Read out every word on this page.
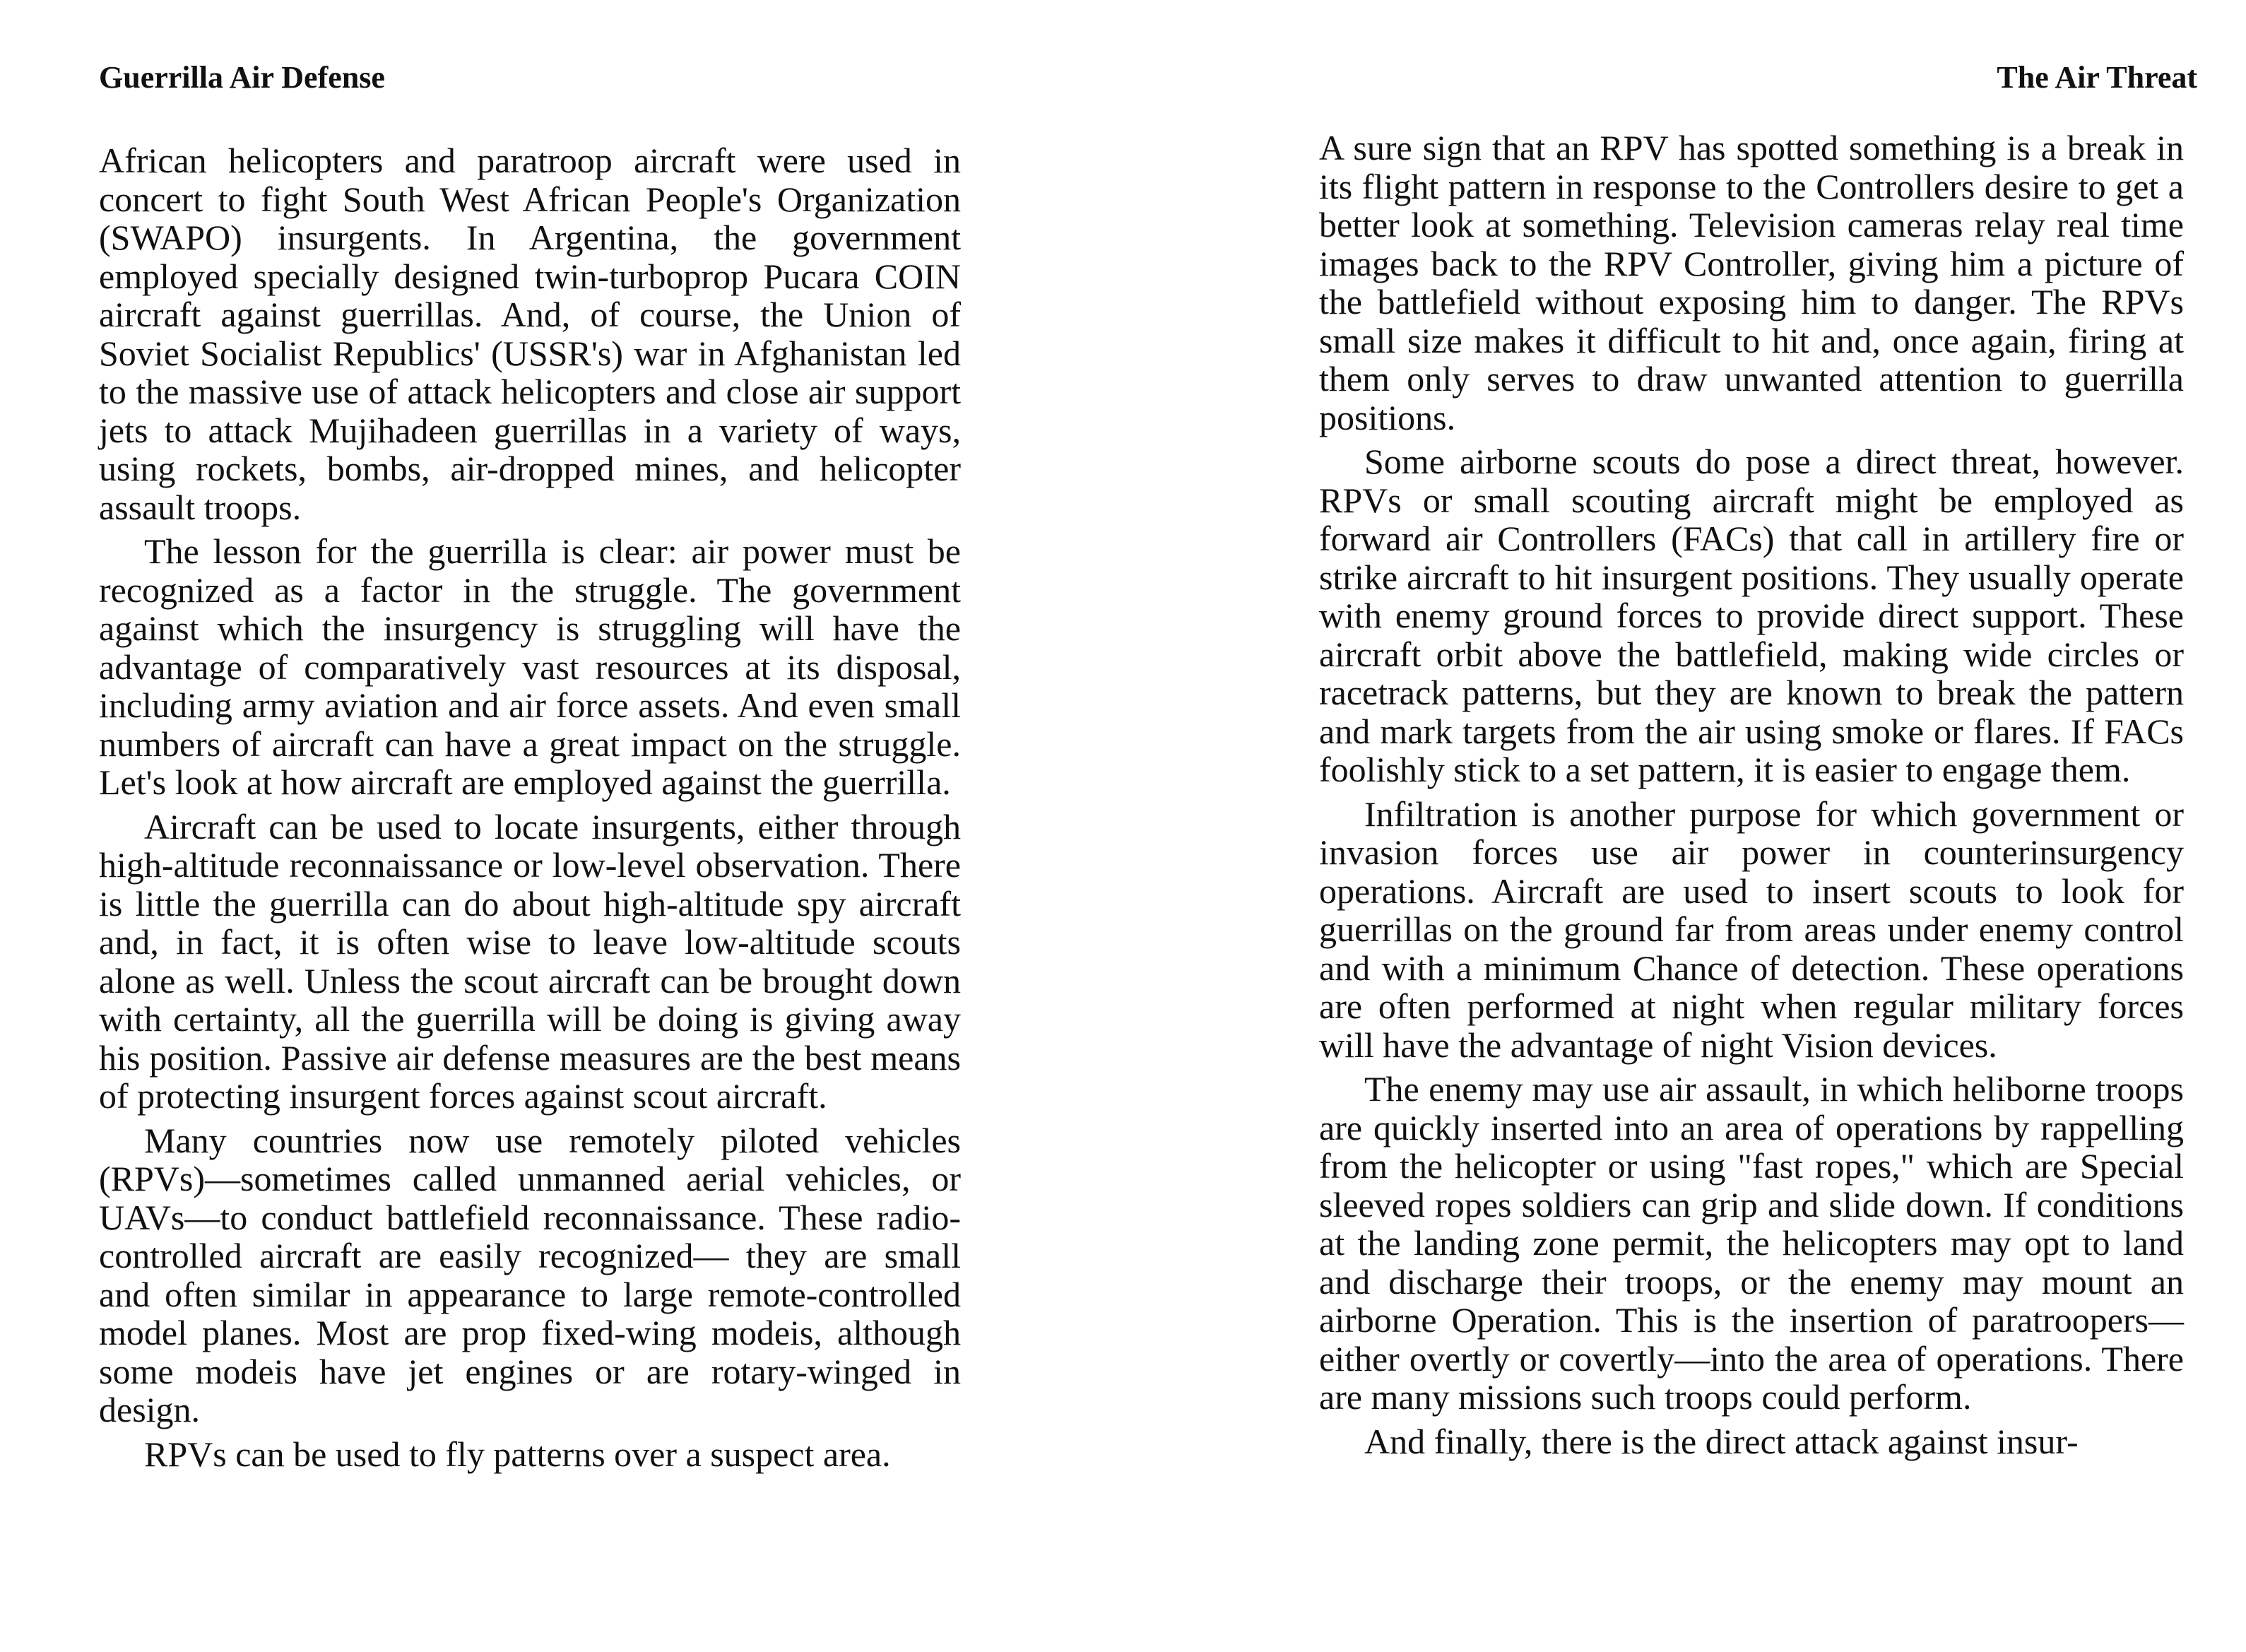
Guerrilla Air Defense

African helicopters and paratroop aircraft were used in concert to fight South West African People's Organization (SWAPO) insurgents. In Argentina, the government employed specially designed twin-turboprop Pucara COIN aircraft against guerrillas. And, of course, the Union of Soviet Socialist Republics' (USSR's) war in Afghanistan led to the massive use of attack helicopters and close air support jets to attack Mujihadeen guerrillas in a variety of ways, using rockets, bombs, air-dropped mines, and helicopter assault troops.

The lesson for the guerrilla is clear: air power must be recognized as a factor in the struggle. The government against which the insurgency is struggling will have the advantage of comparatively vast resources at its disposal, including army aviation and air force assets. And even small numbers of aircraft can have a great impact on the struggle. Let's look at how aircraft are employed against the guerrilla.

Aircraft can be used to locate insurgents, either through high-altitude reconnaissance or low-level observation. There is little the guerrilla can do about high-altitude spy aircraft and, in fact, it is often wise to leave low-altitude scouts alone as well. Unless the scout aircraft can be brought down with certainty, all the guerrilla will be doing is giving away his position. Passive air defense measures are the best means of protecting insurgent forces against scout aircraft.

Many countries now use remotely piloted vehicles (RPVs)—sometimes called unmanned aerial vehicles, or UAVs—to conduct battlefield reconnaissance. These radio-controlled aircraft are easily recognized— they are small and often similar in appearance to large remote-controlled model planes. Most are prop fixed-wing modeis, although some modeis have jet engines or are rotary-winged in design.

RPVs can be used to fly patterns over a suspect area.

The Air Threat

A sure sign that an RPV has spotted something is a break in its flight pattern in response to the Controllers desire to get a better look at something. Television cameras relay real time images back to the RPV Controller, giving him a picture of the battlefield without exposing him to danger. The RPVs small size makes it difficult to hit and, once again, firing at them only serves to draw unwanted attention to guerrilla positions.

Some airborne scouts do pose a direct threat, however. RPVs or small scouting aircraft might be employed as forward air Controllers (FACs) that call in artillery fire or strike aircraft to hit insurgent positions. They usually operate with enemy ground forces to provide direct support. These aircraft orbit above the battlefield, making wide circles or racetrack patterns, but they are known to break the pattern and mark targets from the air using smoke or flares. If FACs foolishly stick to a set pattern, it is easier to engage them.

Infiltration is another purpose for which government or invasion forces use air power in counterinsurgency operations. Aircraft are used to insert scouts to look for guerrillas on the ground far from areas under enemy control and with a minimum Chance of detection. These operations are often performed at night when regular military forces will have the advantage of night Vision devices.

The enemy may use air assault, in which heliborne troops are quickly inserted into an area of operations by rappelling from the helicopter or using "fast ropes," which are Special sleeved ropes soldiers can grip and slide down. If conditions at the landing zone permit, the helicopters may opt to land and discharge their troops, or the enemy may mount an airborne Operation. This is the insertion of paratroopers— either overtly or covertly—into the area of operations. There are many missions such troops could perform.

And finally, there is the direct attack against insur-
